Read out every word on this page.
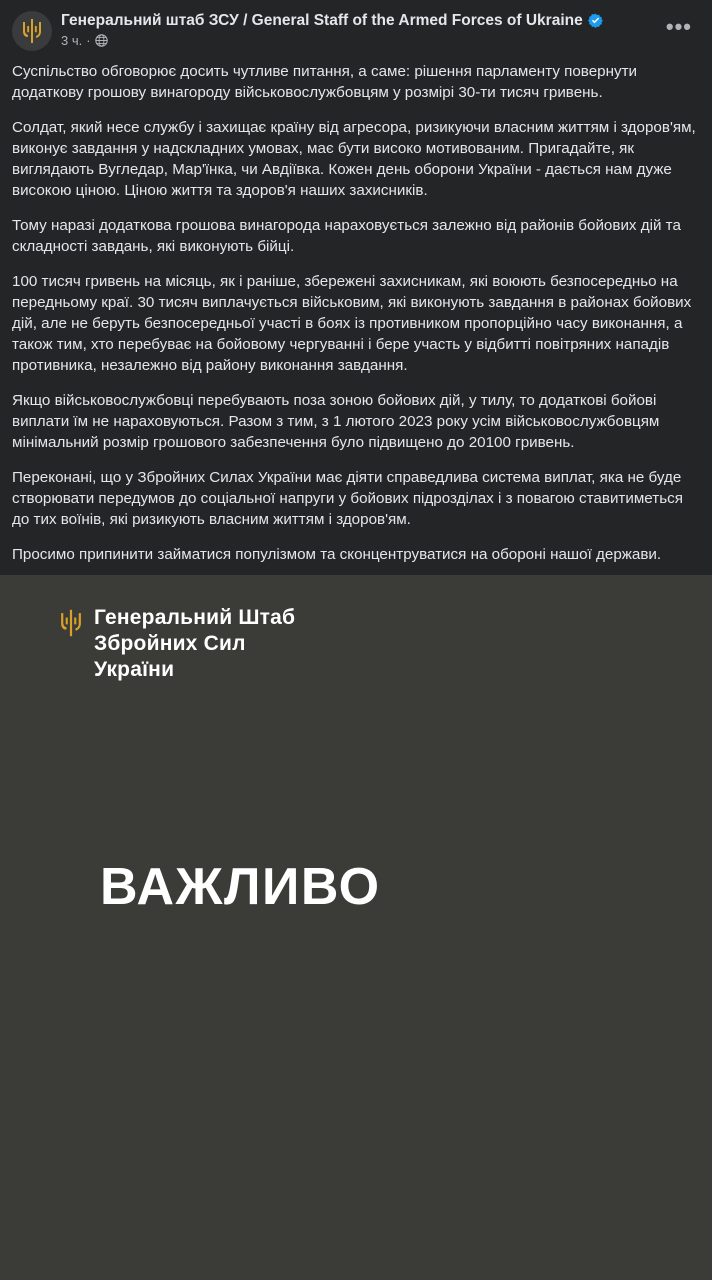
Генеральний штаб ЗСУ / General Staff of the Armed Forces of Ukraine
3 ч. ·
•••

Суспільство обговорює досить чутливе питання, а саме: рішення парламенту повернути додаткову грошову винагороду військовослужбовцям у розмірі 30-ти тисяч гривень.

Солдат, який несе службу і захищає країну від агресора, ризикуючи власним життям і здоров'ям, виконує завдання у надскладних умовах, має бути високо мотивованим. Пригадайте, як виглядають Вугледар, Мар'їнка, чи Авдіївка. Кожен день оборони України - дається нам дуже високою ціною. Ціною життя та здоров'я наших захисників.

Тому наразі додаткова грошова винагорода нараховується залежно від районів бойових дій та складності завдань, які виконують бійці.

100 тисяч гривень на місяць, як і раніше, збережені захисникам, які воюють безпосередньо на передньому краї. 30 тисяч виплачується військовим, які виконують завдання в районах бойових дій, але не беруть безпосередньої участі в боях із противником пропорційно часу виконання, а також тим, хто перебуває на бойовому чергуванні і бере участь у відбитті повітряних нападів противника, незалежно від району виконання завдання.

Якщо військовослужбовці перебувають поза зоною бойових дій, у тилу, то додаткові бойові виплати їм не нараховуються. Разом з тим, з 1 лютого 2023 року усім військовослужбовцям мінімальний розмір грошового забезпечення було підвищено до 20100 гривень.

Переконані, що у Збройних Силах України має діяти справедлива система виплат, яка не буде створювати передумов до соціальної напруги у бойових підрозділах і з повагою ставитиметься до тих воїнів, які ризикують власним життям і здоров'ям.

Просимо припинити займатися популізмом та сконцентруватися на обороні нашої держави.

Генеральний Штаб
Збройних Сил
України
ВАЖЛИВО
